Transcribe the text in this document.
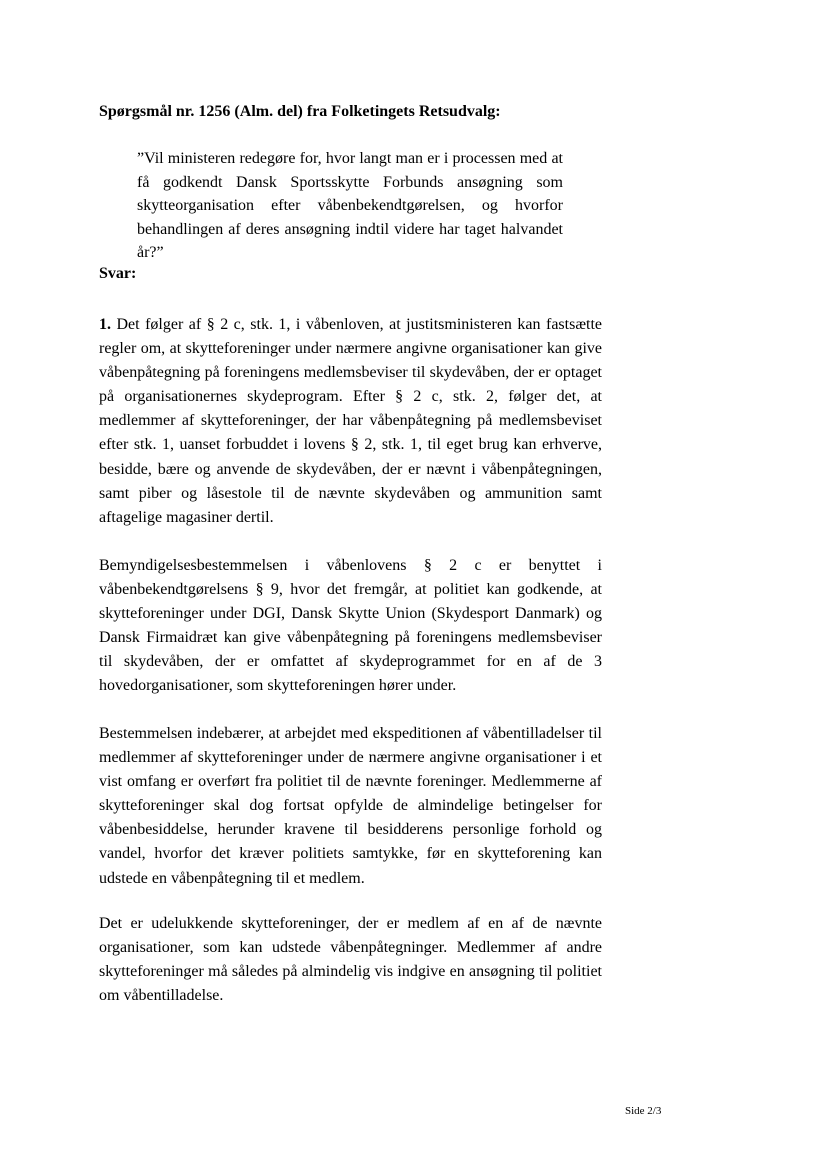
Spørgsmål nr. 1256 (Alm. del) fra Folketingets Retsudvalg:

”Vil ministeren redegøre for, hvor langt man er i processen med at få godkendt Dansk Sportsskytte Forbunds ansøgning som skytteorganisation efter våbenbekendtgørelsen, og hvorfor behandlingen af deres ansøgning indtil videre har taget halvandet år?”

Svar:

1. Det følger af § 2 c, stk. 1, i våbenloven, at justitsministeren kan fastsætte regler om, at skytteforeninger under nærmere angivne organisationer kan give våbenpåtegning på foreningens medlemsbeviser til skydevåben, der er optaget på organisationernes skydeprogram. Efter § 2 c, stk. 2, følger det, at medlemmer af skytteforeninger, der har våbenpåtegning på medlemsbeviset efter stk. 1, uanset forbuddet i lovens § 2, stk. 1, til eget brug kan erhverve, besidde, bære og anvende de skydevåben, der er nævnt i våbenpåtegningen, samt piber og låsestole til de nævnte skydevåben og ammunition samt aftagelige magasiner dertil.

Bemyndigelsesbestemmelsen i våbenlovens § 2 c er benyttet i våbenbekendtgørelsens § 9, hvor det fremgår, at politiet kan godkende, at skytteforeninger under DGI, Dansk Skytte Union (Skydesport Danmark) og Dansk Firmaidræt kan give våbenpåtegning på foreningens medlemsbeviser til skydevåben, der er omfattet af skydeprogrammet for en af de 3 hovedorganisationer, som skytteforeningen hører under.

Bestemmelsen indebærer, at arbejdet med ekspeditionen af våbentilladelser til medlemmer af skytteforeninger under de nærmere angivne organisationer i et vist omfang er overført fra politiet til de nævnte foreninger. Medlemmerne af skytteforeninger skal dog fortsat opfylde de almindelige betingelser for våbenbesiddelse, herunder kravene til besidderens personlige forhold og vandel, hvorfor det kræver politiets samtykke, før en skytteforening kan udstede en våbenpåtegning til et medlem.

Det er udelukkende skytteforeninger, der er medlem af en af de nævnte organisationer, som kan udstede våbenpåtegninger. Medlemmer af andre skytteforeninger må således på almindelig vis indgive en ansøgning til politiet om våbentilladelse.

Side 2/3
